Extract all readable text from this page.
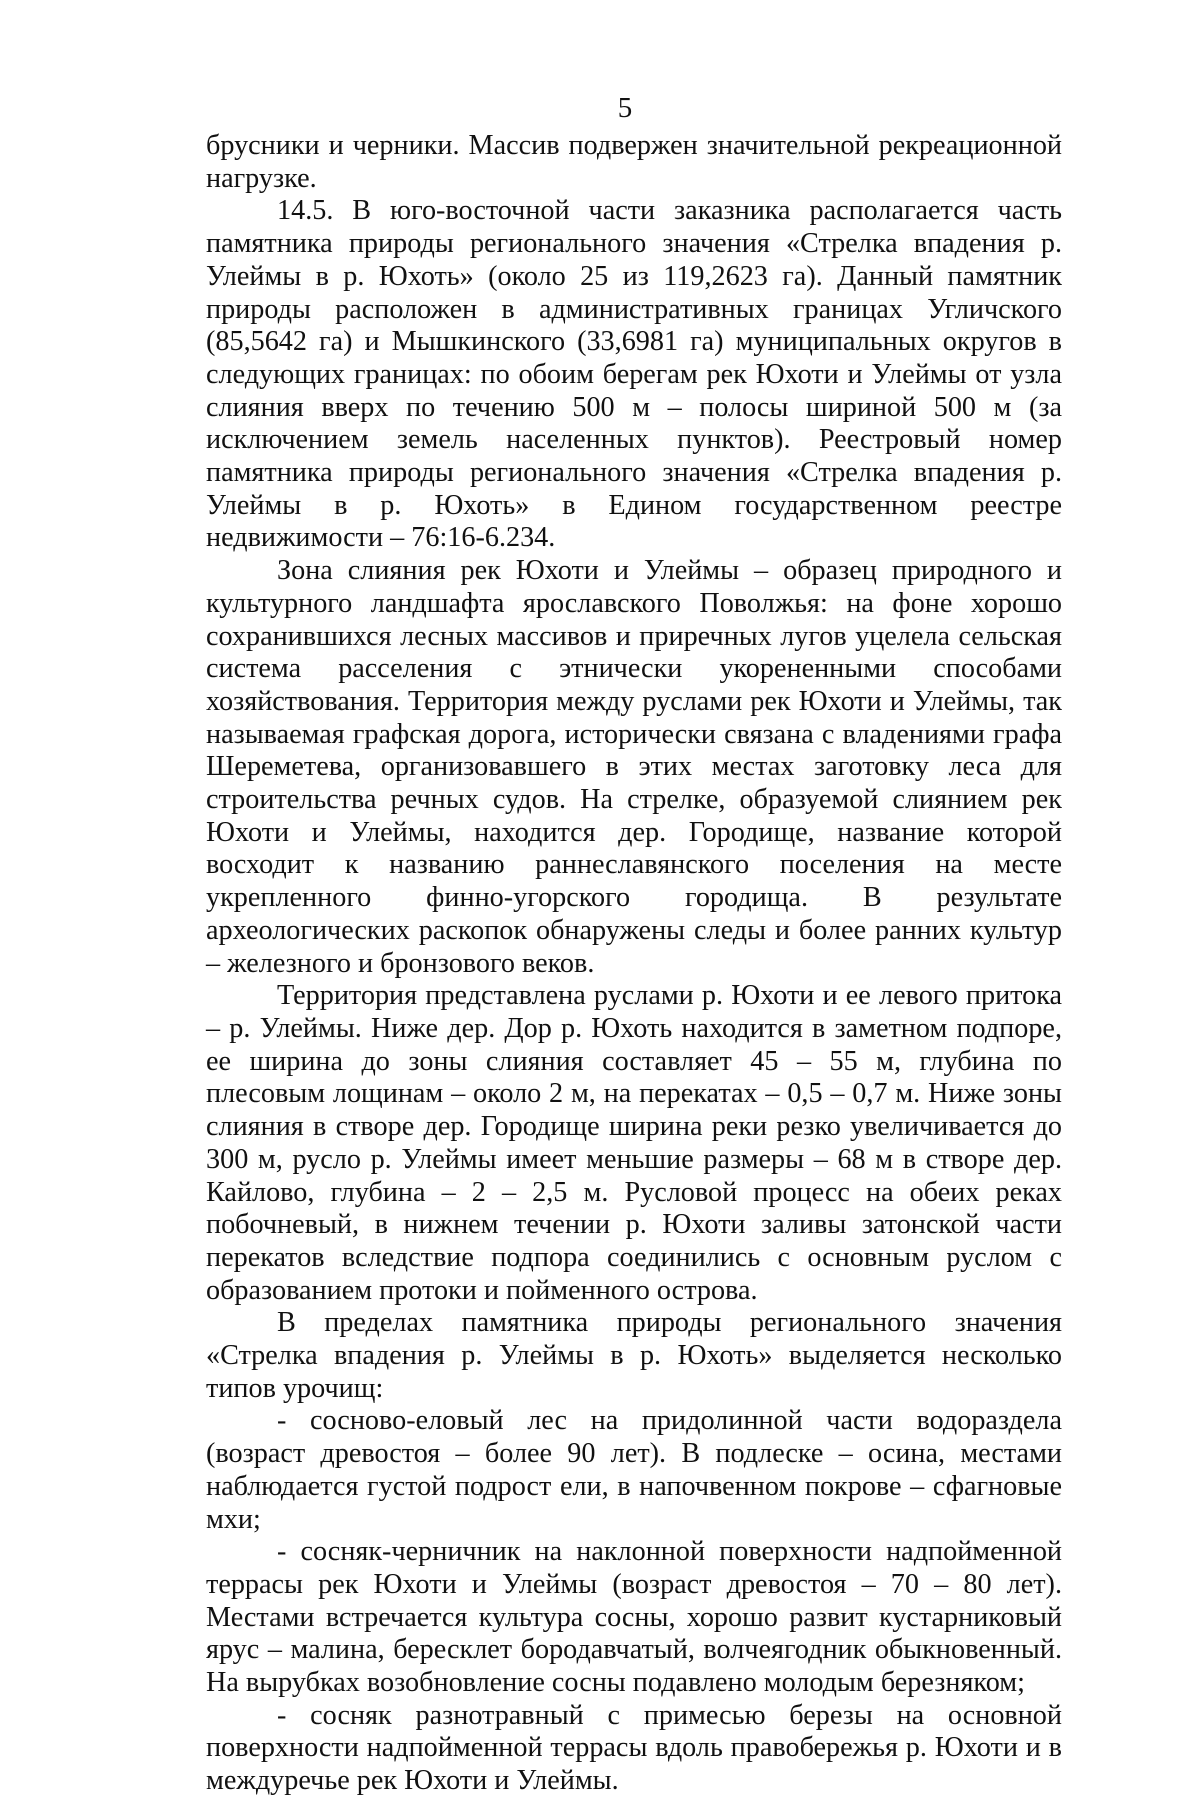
5

брусники и черники. Массив подвержен значительной рекреационной нагрузке.

14.5. В юго-восточной части заказника располагается часть памятника природы регионального значения «Стрелка впадения р. Улеймы в р. Юхоть» (около 25 из 119,2623 га). Данный памятник природы расположен в административных границах Угличского (85,5642 га) и Мышкинского (33,6981 га) муниципальных округов в следующих границах: по обоим берегам рек Юхоти и Улеймы от узла слияния вверх по течению 500 м – полосы шириной 500 м (за исключением земель населенных пунктов). Реестровый номер памятника природы регионального значения «Стрелка впадения р. Улеймы в р. Юхоть» в Едином государственном реестре недвижимости – 76:16-6.234.

Зона слияния рек Юхоти и Улеймы – образец природного и культурного ландшафта ярославского Поволжья: на фоне хорошо сохранившихся лесных массивов и приречных лугов уцелела сельская система расселения с этнически укорененными способами хозяйствования. Территория между руслами рек Юхоти и Улеймы, так называемая графская дорога, исторически связана с владениями графа Шереметева, организовавшего в этих местах заготовку леса для строительства речных судов. На стрелке, образуемой слиянием рек Юхоти и Улеймы, находится дер. Городище, название которой восходит к названию раннеславянского поселения на месте укрепленного финно-угорского городища. В результате археологических раскопок обнаружены следы и более ранних культур – железного и бронзового веков.

Территория представлена руслами р. Юхоти и ее левого притока – р. Улеймы. Ниже дер. Дор р. Юхоть находится в заметном подпоре, ее ширина до зоны слияния составляет 45 – 55 м, глубина по плесовым лощинам – около 2 м, на перекатах – 0,5 – 0,7 м. Ниже зоны слияния в створе дер. Городище ширина реки резко увеличивается до 300 м, русло р. Улеймы имеет меньшие размеры – 68 м в створе дер. Кайлово, глубина – 2 – 2,5 м. Русловой процесс на обеих реках побочневый, в нижнем течении р. Юхоти заливы затонской части перекатов вследствие подпора соединились с основным руслом с образованием протоки и пойменного острова.

В пределах памятника природы регионального значения «Стрелка впадения р. Улеймы в р. Юхоть» выделяется несколько типов урочищ:

- сосново-еловый лес на придолинной части водораздела (возраст древостоя – более 90 лет). В подлеске – осина, местами наблюдается густой подрост ели, в напочвенном покрове – сфагновые мхи;

- сосняк-черничник на наклонной поверхности надпойменной террасы рек Юхоти и Улеймы (возраст древостоя – 70 – 80 лет). Местами встречается культура сосны, хорошо развит кустарниковый ярус – малина, бересклет бородавчатый, волчеягодник обыкновенный. На вырубках возобновление сосны подавлено молодым березняком;

- сосняк разнотравный с примесью березы на основной поверхности надпойменной террасы вдоль правобережья р. Юхоти и в междуречье рек Юхоти и Улеймы.
